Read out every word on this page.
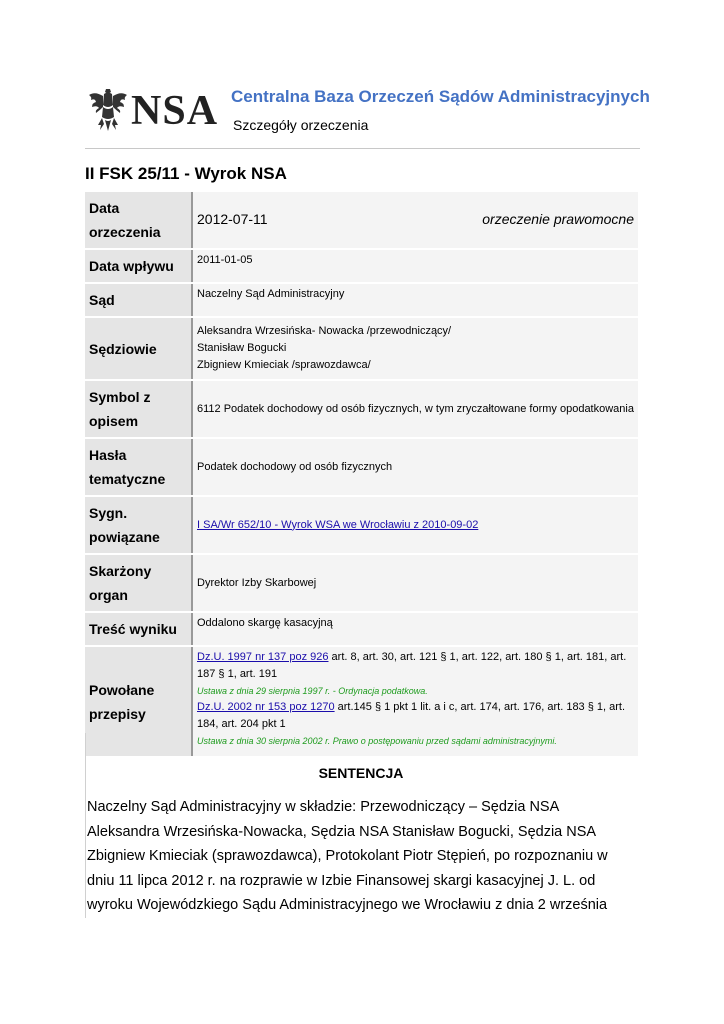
NSA Centralna Baza Orzeczeń Sądów Administracyjnych
Szczegóły orzeczenia
II FSK 25/11 - Wyrok NSA
Data orzeczenia	2012-07-11 orzeczenie prawomocne

Data wpływu	2011-01-05
Sąd	Naczelny Sąd Administracyjny
Sędziowie	Aleksandra Wrzesińska- Nowacka /przewodniczący/
Stanisław Bogucki
Zbigniew Kmieciak /sprawozdawca/

Symbol z opisem	6112 Podatek dochodowy od osób fizycznych, w tym zryczałtowane formy opodatkowania
Hasła tematyczne	Podatek dochodowy od osób fizycznych
Sygn. powiązane	I SA/Wr 652/10 - Wyrok WSA we Wrocławiu z 2010-09-02
Skarżony organ	Dyrektor Izby Skarbowej
Treść wyniku	Oddalono skargę kasacyjną
Powołane przepisy	Dz.U. 1997 nr 137 poz 926 art. 8, art. 30, art. 121 § 1, art. 122, art. 180 § 1, art. 181, art. 187 § 1, art. 191
Ustawa z dnia 29 sierpnia 1997 r. - Ordynacja podatkowa.
Dz.U. 2002 nr 153 poz 1270 art.145 § 1 pkt 1 lit. a i c, art. 174, art. 176, art. 183 § 1, art. 184, art. 204 pkt 1
Ustawa z dnia 30 sierpnia 2002 r. Prawo o postępowaniu przed sądami administracyjnymi.
SENTENCJA
Naczelny Sąd Administracyjny w składzie: Przewodniczący – Sędzia NSA
Aleksandra Wrzesińska-Nowacka, Sędzia NSA Stanisław Bogucki, Sędzia NSA
Zbigniew Kmieciak (sprawozdawca), Protokolant Piotr Stępień, po rozpoznaniu w
dniu 11 lipca 2012 r. na rozprawie w Izbie Finansowej skargi kasacyjnej J. L. od
wyroku Wojewódzkiego Sądu Administracyjnego we Wrocławiu z dnia 2 września
